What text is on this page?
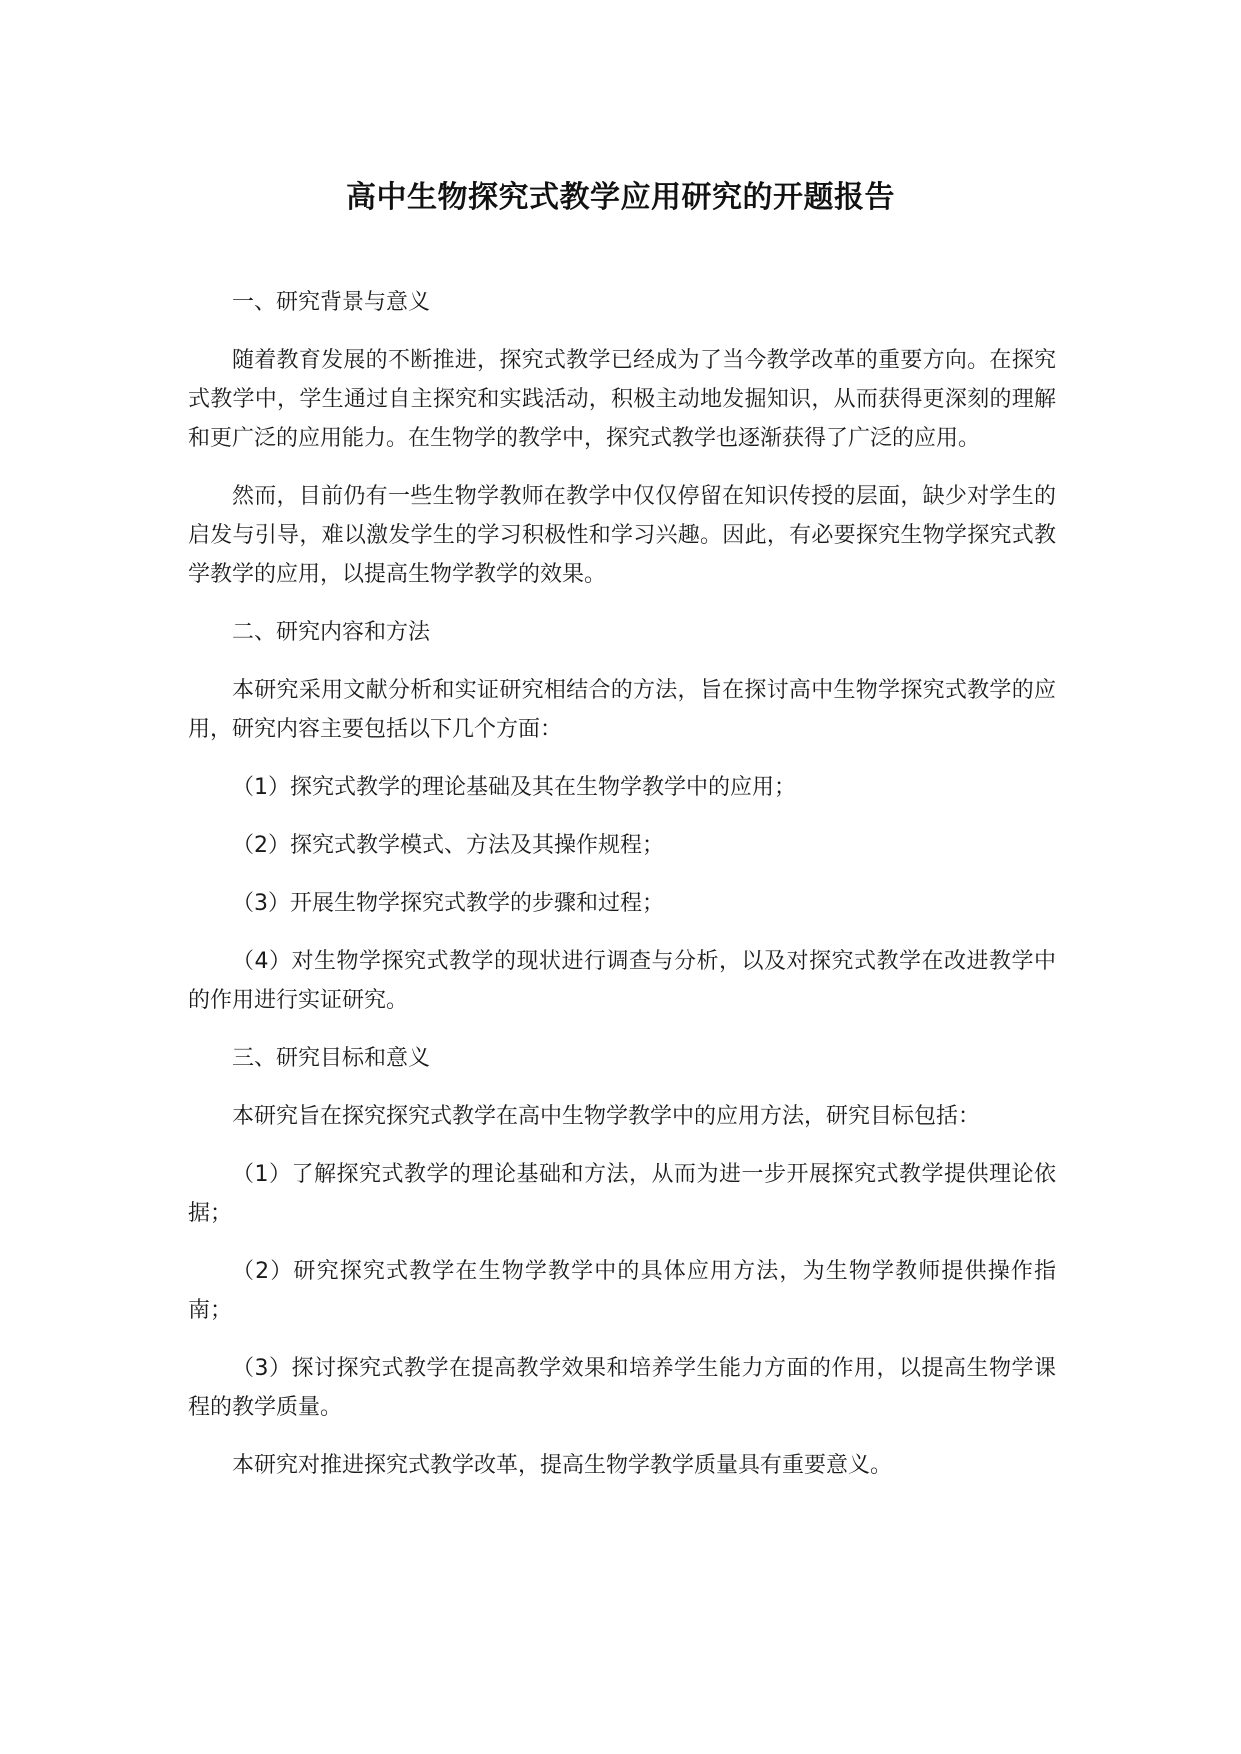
高中生物探究式教学应用研究的开题报告

一、研究背景与意义

随着教育发展的不断推进，探究式教学已经成为了当今教学改革的重要方向。在探究式教学中，学生通过自主探究和实践活动，积极主动地发掘知识，从而获得更深刻的理解和更广泛的应用能力。在生物学的教学中，探究式教学也逐渐获得了广泛的应用。

然而，目前仍有一些生物学教师在教学中仅仅停留在知识传授的层面，缺少对学生的启发与引导，难以激发学生的学习积极性和学习兴趣。因此，有必要探究生物学探究式教学教学的应用，以提高生物学教学的效果。

二、研究内容和方法

本研究采用文献分析和实证研究相结合的方法，旨在探讨高中生物学探究式教学的应用，研究内容主要包括以下几个方面：

（1）探究式教学的理论基础及其在生物学教学中的应用；

（2）探究式教学模式、方法及其操作规程；

（3）开展生物学探究式教学的步骤和过程；

（4）对生物学探究式教学的现状进行调查与分析，以及对探究式教学在改进教学中的作用进行实证研究。

三、研究目标和意义

本研究旨在探究探究式教学在高中生物学教学中的应用方法，研究目标包括：

（1）了解探究式教学的理论基础和方法，从而为进一步开展探究式教学提供理论依据；

（2）研究探究式教学在生物学教学中的具体应用方法，为生物学教师提供操作指南；

（3）探讨探究式教学在提高教学效果和培养学生能力方面的作用，以提高生物学课程的教学质量。

本研究对推进探究式教学改革，提高生物学教学质量具有重要意义。
